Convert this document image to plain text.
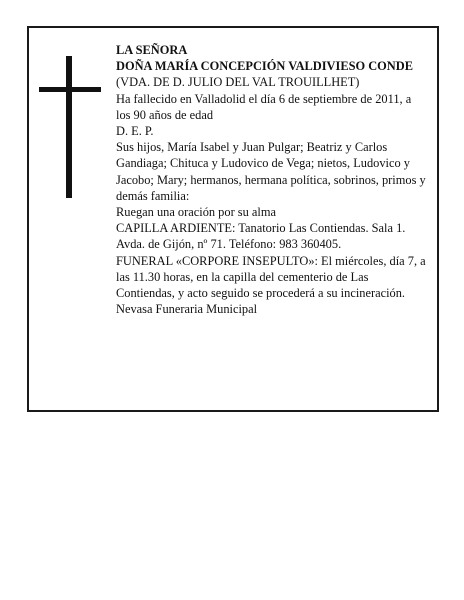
LA SEÑORA

DOÑA MARÍA CONCEPCIÓN VALDIVIESO CONDE

(VDA. DE D. JULIO DEL VAL TROUILLHET)

Ha fallecido en Valladolid el día 6 de septiembre de 2011, a los 90 años de edad

D. E. P.

Sus hijos, María Isabel y Juan Pulgar; Beatriz y Carlos Gandiaga; Chituca y Ludovico de Vega; nietos, Ludovico y Jacobo; Mary; hermanos, hermana política, sobrinos, primos y demás familia:

Ruegan una oración por su alma

CAPILLA ARDIENTE: Tanatorio Las Contiendas. Sala 1. Avda. de Gijón, nº 71. Teléfono: 983 360405.

FUNERAL «CORPORE INSEPULTO»: El miércoles, día 7, a las 11.30 horas, en la capilla del cementerio de Las Contiendas, y acto seguido se procederá a su incineración.

Nevasa Funeraria Municipal
